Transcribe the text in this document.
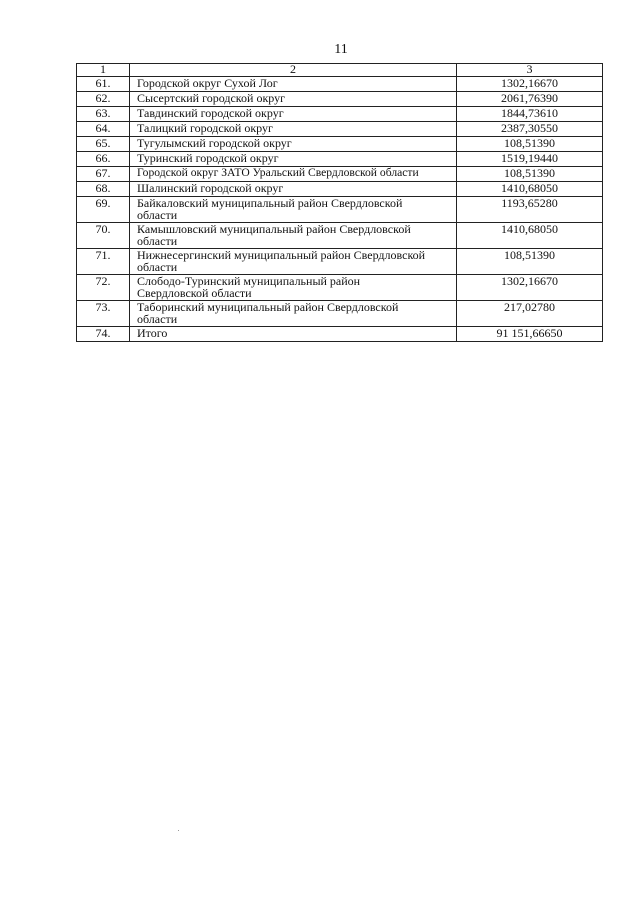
11
1	2	3
61.	Городской округ Сухой Лог	1302,16670
62.	Сысертский городской округ	2061,76390
63.	Тавдинский городской округ	1844,73610
64.	Талицкий городской округ	2387,30550
65.	Тугулымский городской округ	108,51390
66.	Туринский городской округ	1519,19440
67.	Городской округ ЗАТО Уральский Свердловской области	108,51390
68.	Шалинский городской округ	1410,68050
69.	Байкаловский муниципальный район Свердловской области	1193,65280
70.	Камышловский муниципальный район Свердловской области	1410,68050
71.	Нижнесергинский муниципальный район Свердловской области	108,51390
72.	Слободо-Туринский муниципальный район Свердловской области	1302,16670
73.	Таборинский муниципальный район Свердловской области	217,02780
74.	Итого	91 151,66650
